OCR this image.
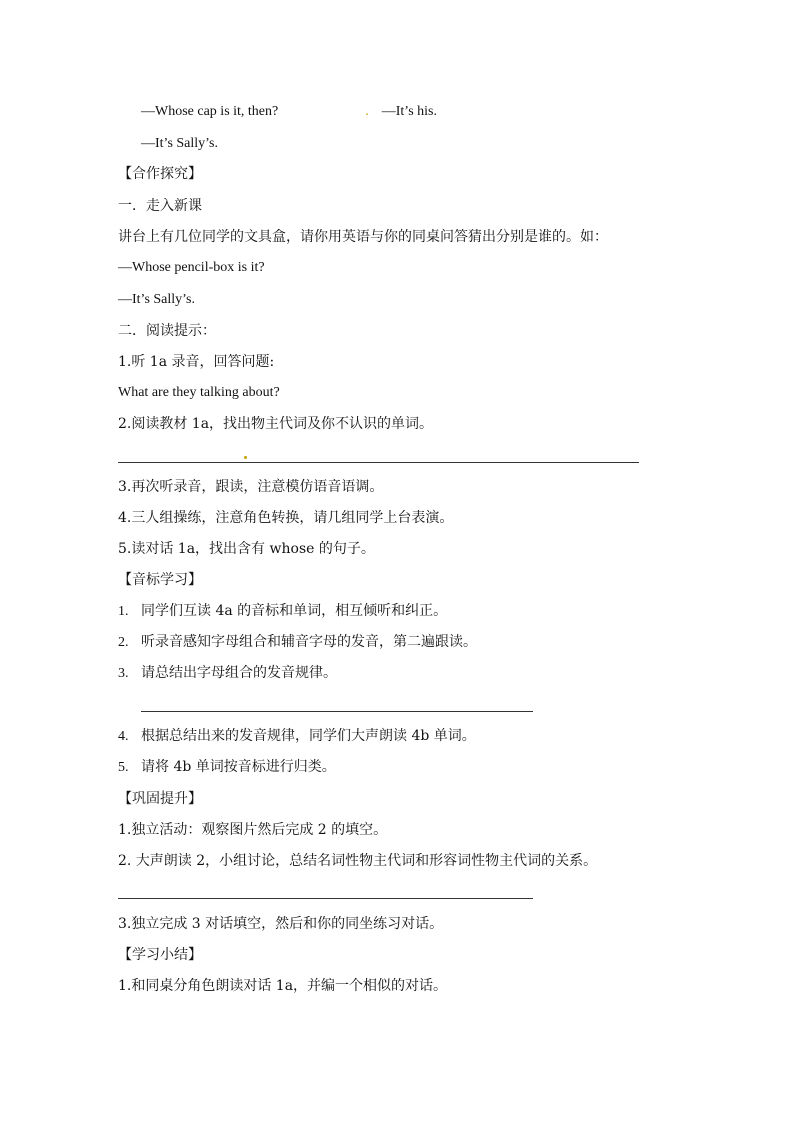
—Whose cap is it, then?	. —It’s his.
—It’s Sally’s.
【合作探究】
一．走入新课
讲台上有几位同学的文具盒，请你用英语与你的同桌问答猜出分别是谁的。如：
—Whose pencil-box is it?
—It’s Sally’s.
二．阅读提示：
1.听 1a 录音，回答问题:
What are they talking about?
2.阅读教材 1a，找出物主代词及你不认识的单词。
3.再次听录音，跟读，注意模仿语音语调。
4.三人组操练，注意角色转换，请几组同学上台表演。
5.读对话 1a，找出含有 whose 的句子。
【音标学习】
1. 同学们互读 4a 的音标和单词，相互倾听和纠正。
2. 听录音感知字母组合和辅音字母的发音，第二遍跟读。
3. 请总结出字母组合的发音规律。
4. 根据总结出来的发音规律，同学们大声朗读 4b 单词。
5. 请将 4b 单词按音标进行归类。
【巩固提升】
1.独立活动：观察图片然后完成 2 的填空。
2. 大声朗读 2，小组讨论，总结名词性物主代词和形容词性物主代词的关系。
3.独立完成 3 对话填空，然后和你的同坐练习对话。
【学习小结】
1.和同桌分角色朗读对话 1a，并编一个相似的对话。
